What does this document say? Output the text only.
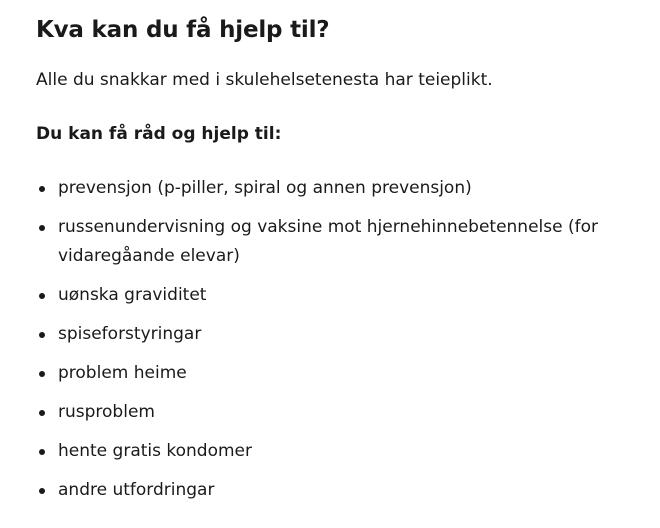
Kva kan du få hjelp til?

Alle du snakkar med i skulehelsetenesta har teieplikt.

Du kan få råd og hjelp til:

prevensjon (p-piller, spiral og annen prevensjon)
russenundervisning og vaksine mot hjernehinnebetennelse (for vidaregåande elevar)
uønska graviditet
spiseforstyringar
problem heime
rusproblem
hente gratis kondomer
andre utfordringar
